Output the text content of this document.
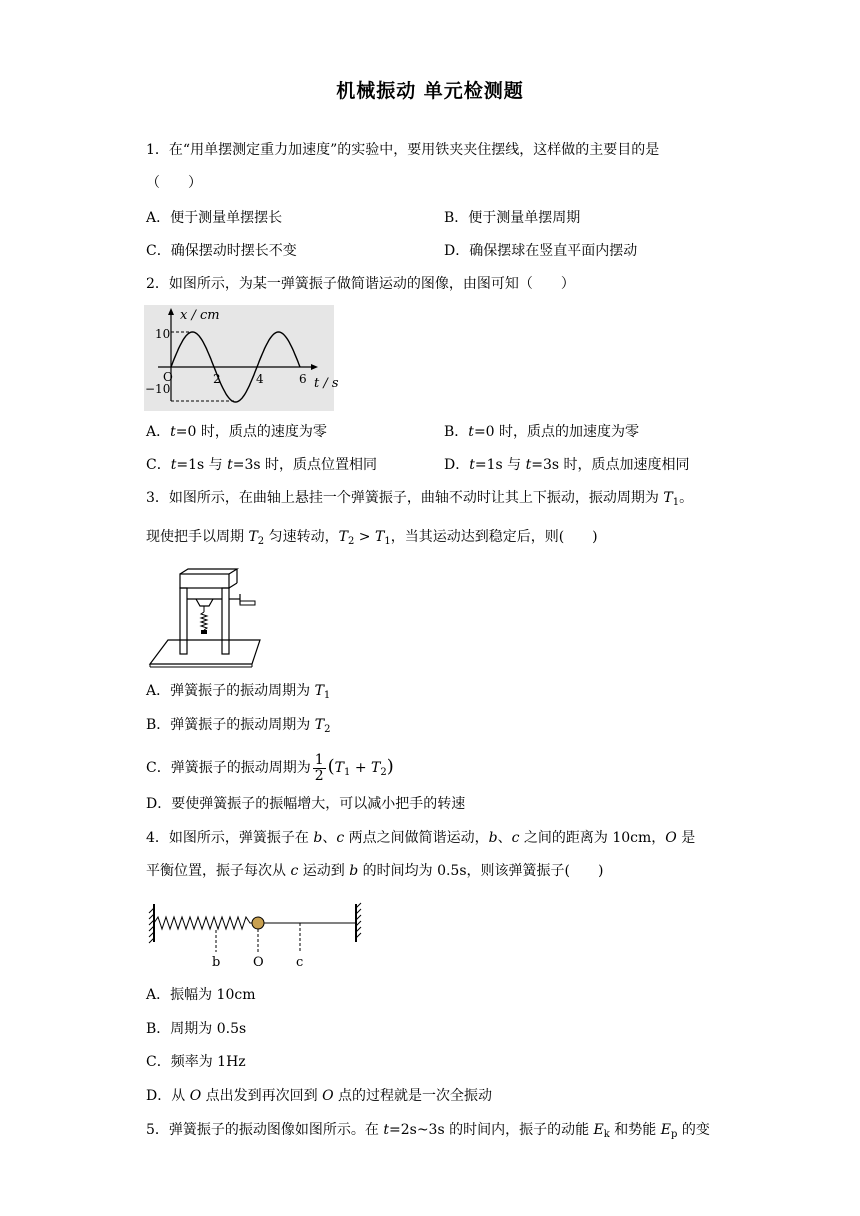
机械振动 单元检测题
1．在“用单摆测定重力加速度”的实验中，要用铁夹夹住摆线，这样做的主要目的是
（　　）
A．便于测量单摆摆长	B．便于测量单摆周期
C．确保摆动时摆长不变	D．确保摆球在竖直平面内摆动
2．如图所示，为某一弹簧振子做简谐运动的图像，由图可知（　　）
x / cm
t / s
10
−10
O	2	4	6
A．t=0 时，质点的速度为零	B．t=0 时，质点的加速度为零
C．t=1s 与 t=3s 时，质点位置相同	D．t=1s 与 t=3s 时，质点加速度相同
3．如图所示，在曲轴上悬挂一个弹簧振子，曲轴不动时让其上下振动，振动周期为 $T_1$。
现使把手以周期 $T_2$ 匀速转动，$T_2 > T_1$，当其运动达到稳定后，则(　　)
A．弹簧振子的振动周期为 $T_1$
B．弹簧振子的振动周期为 $T_2$
C．弹簧振子的振动周期为 $\frac{1}{2} (T_1 + T_2)$
D．要使弹簧振子的振幅增大，可以减小把手的转速
4．如图所示，弹簧振子在 b、c 两点之间做简谐运动，b、c 之间的距离为 10cm，O 是
平衡位置，振子每次从 c 运动到 b 的时间均为 0.5s，则该弹簧振子(　　)
b	O c
A．振幅为 10cm
B．周期为 0.5s
C．频率为 1Hz
D．从 O 点出发到再次回到 O 点的过程就是一次全振动
5．弹簧振子的振动图像如图所示。在 t=2s~3s 的时间内，振子的动能 $E_k$ 和势能 $E_p$ 的变
